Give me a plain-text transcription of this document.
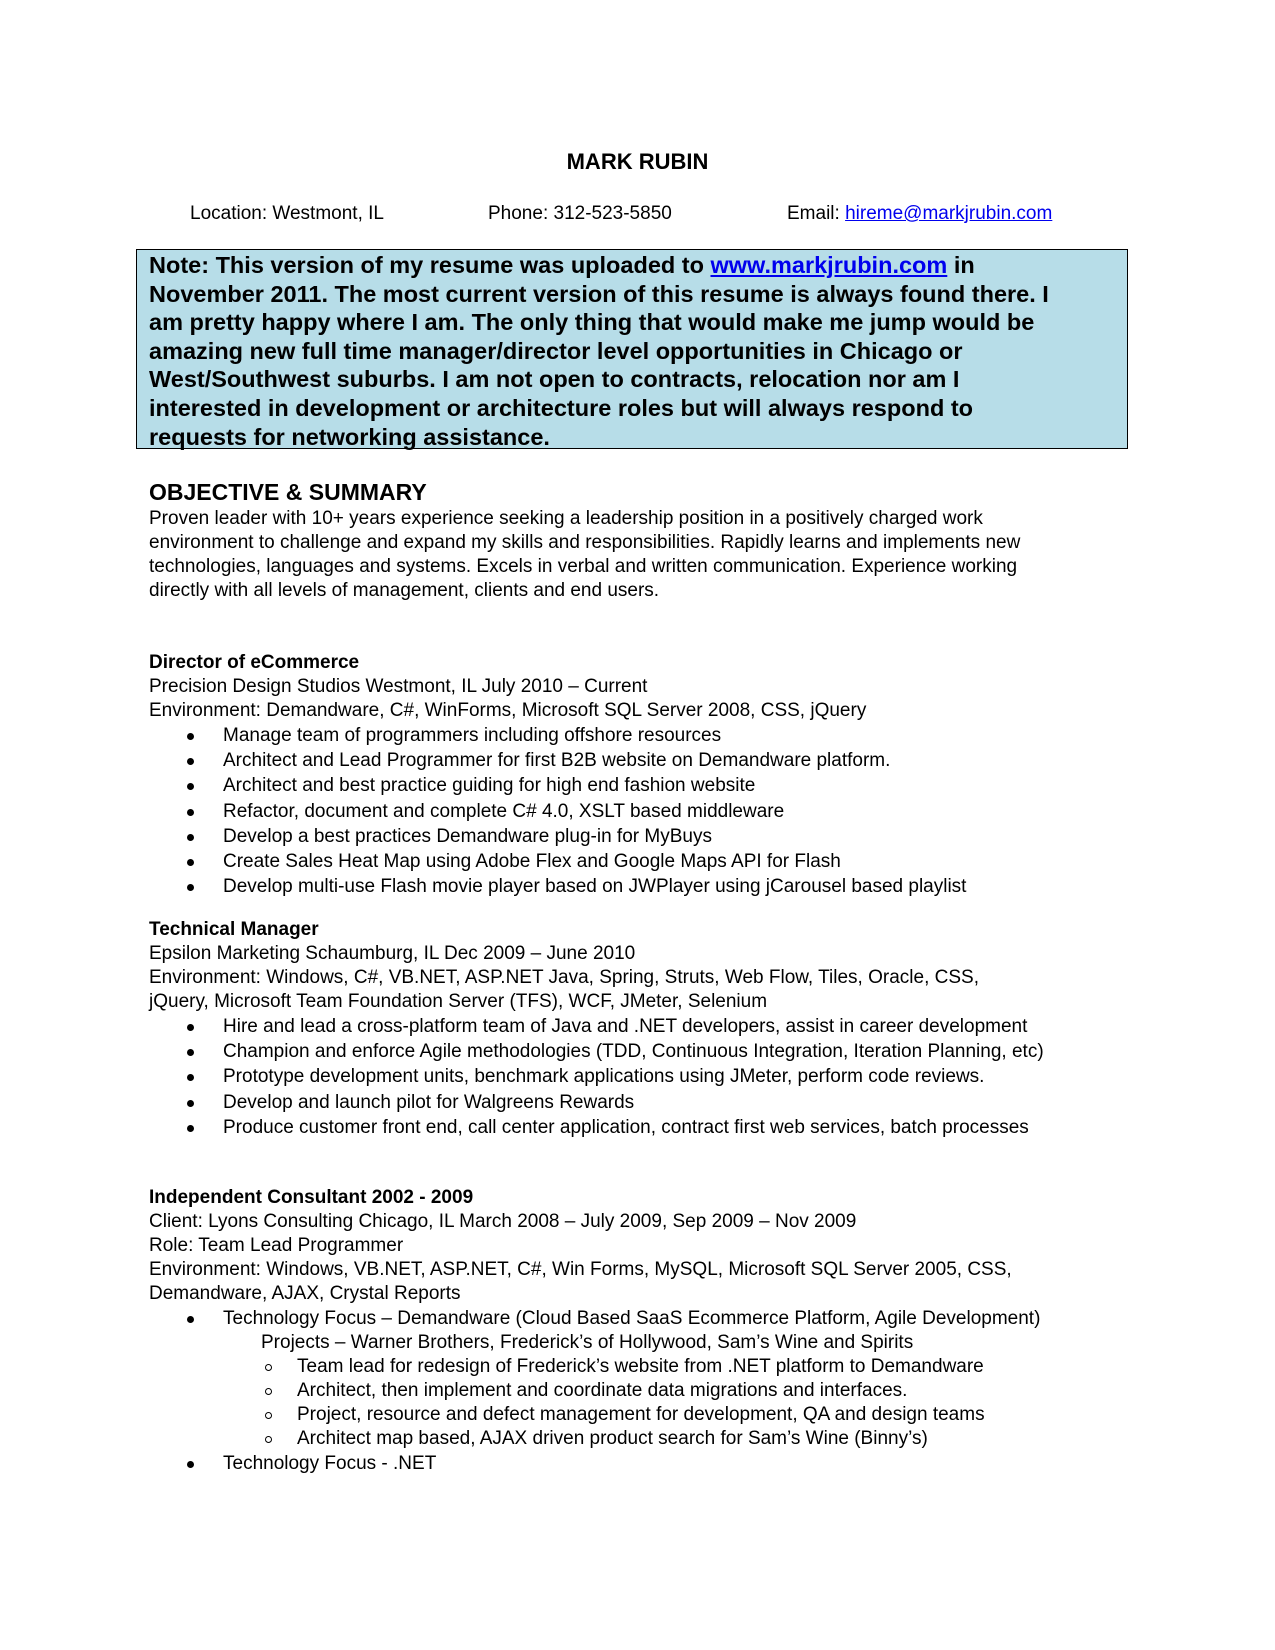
MARK RUBIN
Location: Westmont, IL	Phone: 312-523-5850	Email: hireme@markjrubin.com
Note: This version of my resume was uploaded to www.markjrubin.com in
November 2011. The most current version of this resume is always found there. I
am pretty happy where I am. The only thing that would make me jump would be
amazing new full time manager/director level opportunities in Chicago or
West/Southwest suburbs. I am not open to contracts, relocation nor am I
interested in development or architecture roles but will always respond to
requests for networking assistance.
OBJECTIVE & SUMMARY
Proven leader with 10+ years experience seeking a leadership position in a positively charged work
environment to challenge and expand my skills and responsibilities. Rapidly learns and implements new
technologies, languages and systems. Excels in verbal and written communication. Experience working
directly with all levels of management, clients and end users.
Director of eCommerce
Precision Design Studios Westmont, IL July 2010 – Current
Environment: Demandware, C#, WinForms, Microsoft SQL Server 2008, CSS, jQuery
Manage team of programmers including offshore resources
Architect and Lead Programmer for first B2B website on Demandware platform.
Architect and best practice guiding for high end fashion website
Refactor, document and complete C# 4.0, XSLT based middleware
Develop a best practices Demandware plug-in for MyBuys
Create Sales Heat Map using Adobe Flex and Google Maps API for Flash
Develop multi-use Flash movie player based on JWPlayer using jCarousel based playlist
Technical Manager
Epsilon Marketing Schaumburg, IL Dec 2009 – June 2010
Environment: Windows, C#, VB.NET, ASP.NET Java, Spring, Struts, Web Flow, Tiles, Oracle, CSS,
jQuery, Microsoft Team Foundation Server (TFS), WCF, JMeter, Selenium
Hire and lead a cross-platform team of Java and .NET developers, assist in career development
Champion and enforce Agile methodologies (TDD, Continuous Integration, Iteration Planning, etc)
Prototype development units, benchmark applications using JMeter, perform code reviews.
Develop and launch pilot for Walgreens Rewards
Produce customer front end, call center application, contract first web services, batch processes
Independent Consultant 2002 - 2009
Client: Lyons Consulting Chicago, IL March 2008 – July 2009, Sep 2009 – Nov 2009
Role: Team Lead Programmer
Environment: Windows, VB.NET, ASP.NET, C#, Win Forms, MySQL, Microsoft SQL Server 2005, CSS,
Demandware, AJAX, Crystal Reports
Technology Focus – Demandware (Cloud Based SaaS Ecommerce Platform, Agile Development)
Projects – Warner Brothers, Frederick’s of Hollywood, Sam’s Wine and Spirits
Team lead for redesign of Frederick’s website from .NET platform to Demandware
Architect, then implement and coordinate data migrations and interfaces.
Project, resource and defect management for development, QA and design teams
Architect map based, AJAX driven product search for Sam’s Wine (Binny’s)
Technology Focus - .NET
